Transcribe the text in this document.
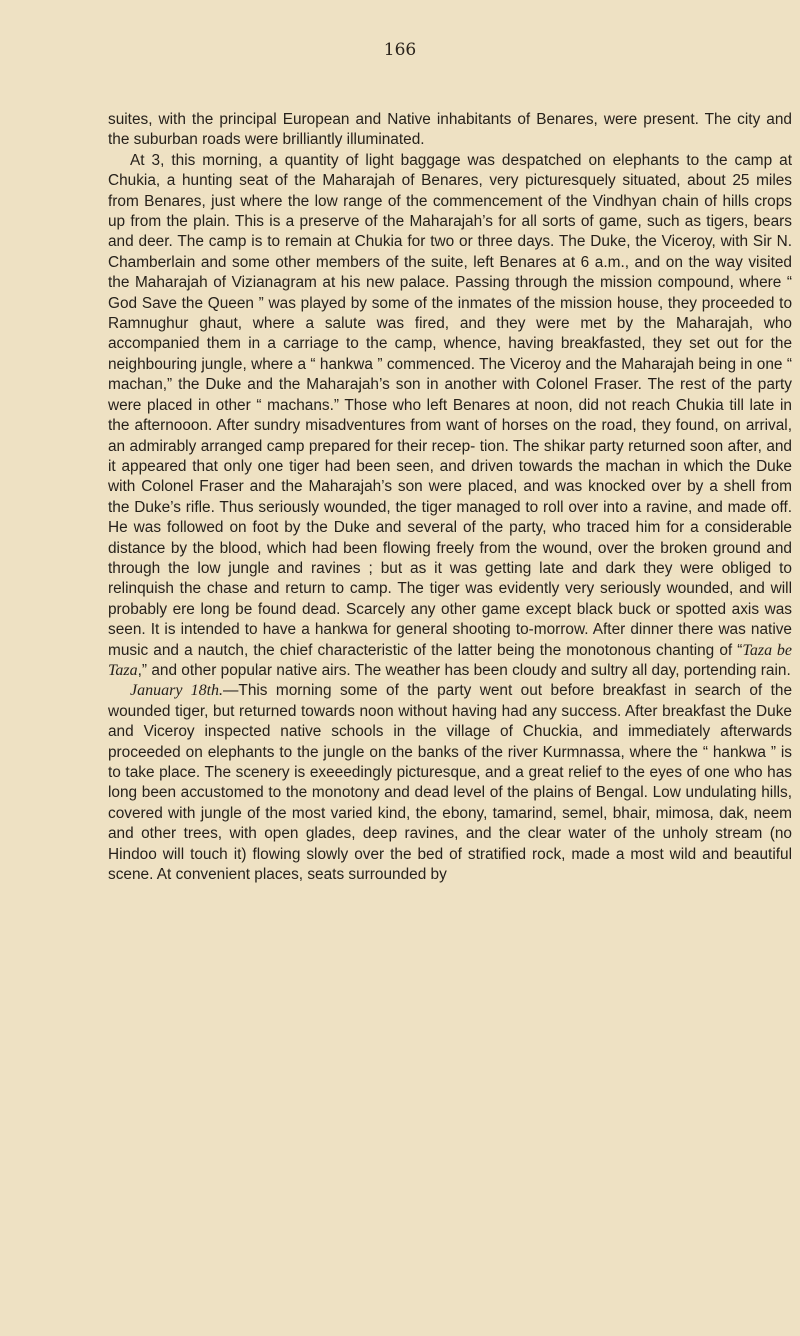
166

suites, with the principal European and Native inhabitants of Benares, were present. The city and the suburban roads were brilliantly illuminated.

At 3, this morning, a quantity of light baggage was despatched on elephants to the camp at Chukia, a hunting seat of the Maharajah of Benares, very picturesquely situated, about 25 miles from Benares, just where the low range of the commencement of the Vindhyan chain of hills crops up from the plain. This is a preserve of the Maharajah’s for all sorts of game, such as tigers, bears and deer. The camp is to remain at Chukia for two or three days. The Duke, the Viceroy, with Sir N. Chamberlain and some other members of the suite, left Benares at 6 a.m., and on the way visited the Maharajah of Vizianagram at his new palace. Passing through the mission compound, where “ God Save the Queen ” was played by some of the inmates of the mission house, they proceeded to Ramnughur ghaut, where a salute was fired, and they were met by the Maharajah, who accompanied them in a carriage to the camp, whence, having breakfasted, they set out for the neighbouring jungle, where a “ hankwa ” commenced. The Viceroy and the Maharajah being in one “ machan,” the Duke and the Maharajah’s son in another with Colonel Fraser. The rest of the party were placed in other “ machans.” Those who left Benares at noon, did not reach Chukia till late in the afternooon. After sundry misadventures from want of horses on the road, they found, on arrival, an admirably arranged camp prepared for their recep- tion. The shikar party returned soon after, and it appeared that only one tiger had been seen, and driven towards the machan in which the Duke with Colonel Fraser and the Maharajah’s son were placed, and was knocked over by a shell from the Duke’s rifle. Thus seriously wounded, the tiger managed to roll over into a ravine, and made off. He was followed on foot by the Duke and several of the party, who traced him for a considerable distance by the blood, which had been flowing freely from the wound, over the broken ground and through the low jungle and ravines ; but as it was getting late and dark they were obliged to relinquish the chase and return to camp. The tiger was evidently very seriously wounded, and will probably ere long be found dead. Scarcely any other game except black buck or spotted axis was seen. It is intended to have a hankwa for general shooting to-morrow. After dinner there was native music and a nautch, the chief characteristic of the latter being the monotonous chanting of “Taza be Taza,” and other popular native airs. The weather has been cloudy and sultry all day, portending rain.

January 18th.—This morning some of the party went out before breakfast in search of the wounded tiger, but returned towards noon without having had any success. After breakfast the Duke and Viceroy inspected native schools in the village of Chuckia, and immediately afterwards proceeded on elephants to the jungle on the banks of the river Kurmnassa, where the “ hankwa ” is to take place. The scenery is exeeedingly picturesque, and a great relief to the eyes of one who has long been accustomed to the monotony and dead level of the plains of Bengal. Low undulating hills, covered with jungle of the most varied kind, the ebony, tamarind, semel, bhair, mimosa, dak, neem and other trees, with open glades, deep ravines, and the clear water of the unholy stream (no Hindoo will touch it) flowing slowly over the bed of stratified rock, made a most wild and beautiful scene. At convenient places, seats surrounded by
